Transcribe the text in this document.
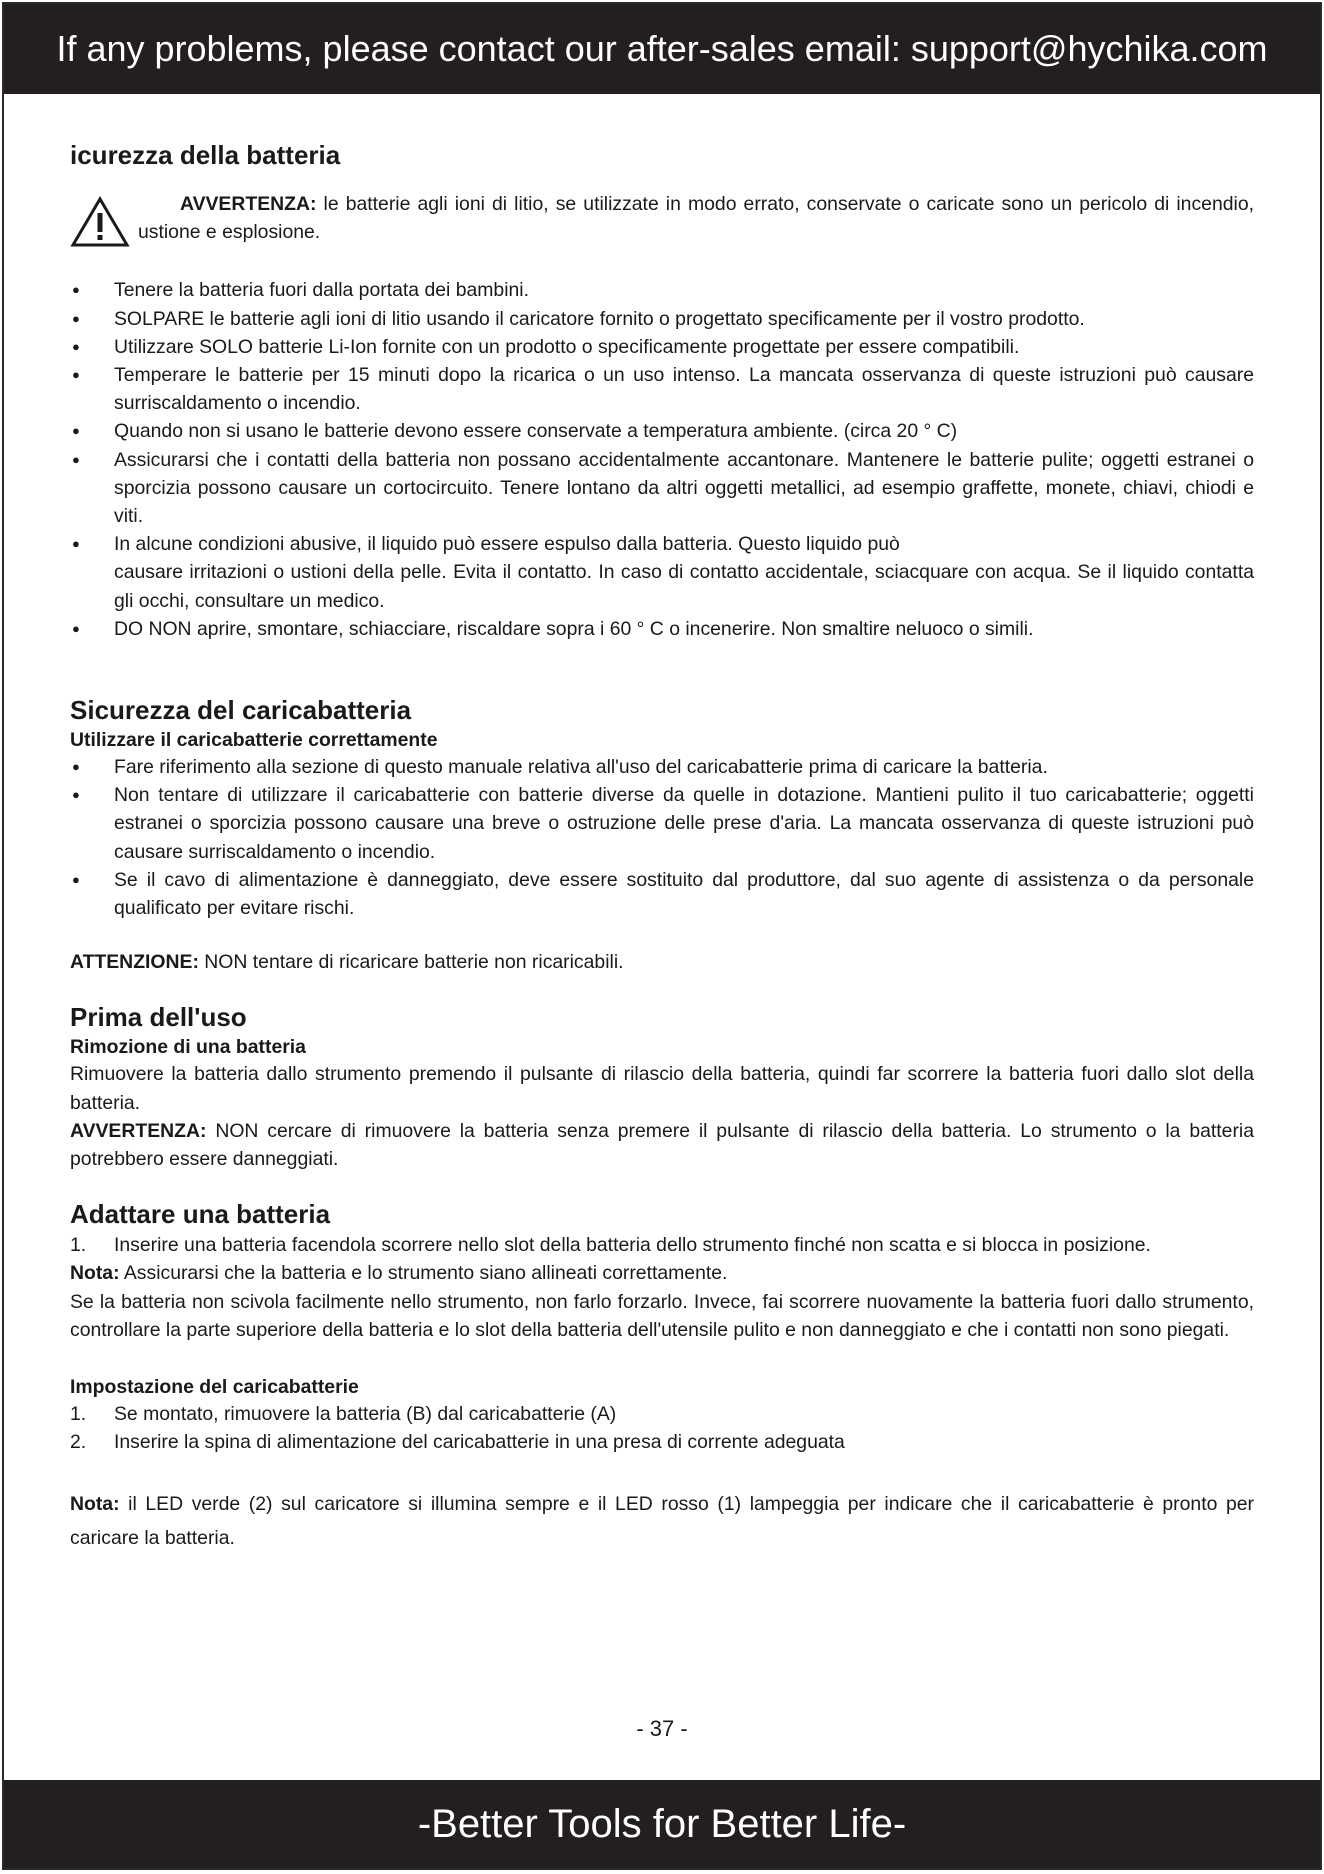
If any problems, please contact our after-sales email: support@hychika.com
icurezza della batteria

AVVERTENZA: le batterie agli ioni di litio, se utilizzate in modo errato, conservate o caricate sono un pericolo di incendio, ustione e esplosione.

● Tenere la batteria fuori dalla portata dei bambini.
● SOLPARE le batterie agli ioni di litio usando il caricatore fornito o progettato specificamente per il vostro prodotto.
● Utilizzare SOLO batterie Li-Ion fornite con un prodotto o specificamente progettate per essere compatibili.
● Temperare le batterie per 15 minuti dopo la ricarica o un uso intenso. La mancata osservanza di queste istruzioni può causare surriscaldamento o incendio.
● Quando non si usano le batterie devono essere conservate a temperatura ambiente. (circa 20 ° C)
● Assicurarsi che i contatti della batteria non possano accidentalmente accantonare. Mantenere le batterie pulite; oggetti estranei o sporcizia possono causare un cortocircuito. Tenere lontano da altri oggetti metallici, ad esempio graffette, monete, chiavi, chiodi e viti.
● In alcune condizioni abusive, il liquido può essere espulso dalla batteria. Questo liquido può
causare irritazioni o ustioni della pelle. Evita il contatto. In caso di contatto accidentale, sciacquare con acqua. Se il liquido contatta gli occhi, consultare un medico.
● DO NON aprire, smontare, schiacciare, riscaldare sopra i 60 ° C o incenerire. Non smaltire neluoco o simili.
Sicurezza del caricabatteria
Utilizzare il caricabatterie correttamente
● Fare riferimento alla sezione di questo manuale relativa all'uso del caricabatterie prima di caricare la batteria.
● Non tentare di utilizzare il caricabatterie con batterie diverse da quelle in dotazione. Mantieni pulito il tuo caricabatterie; oggetti estranei o sporcizia possono causare una breve o ostruzione delle prese d'aria. La mancata osservanza di queste istruzioni può causare surriscaldamento o incendio.
● Se il cavo di alimentazione è danneggiato, deve essere sostituito dal produttore, dal suo agente di assistenza o da personale qualificato per evitare rischi.

ATTENZIONE: NON tentare di ricaricare batterie non ricaricabili.

Prima dell'uso
Rimozione di una batteria

Rimuovere la batteria dallo strumento premendo il pulsante di rilascio della batteria, quindi far scorrere la batteria fuori dallo slot della batteria.

AVVERTENZA: NON cercare di rimuovere la batteria senza premere il pulsante di rilascio della batteria. Lo strumento o la batteria potrebbero essere danneggiati.

Adattare una batteria
1. Inserire una batteria facendola scorrere nello slot della batteria dello strumento finché non scatta e si blocca in posizione.

Nota: Assicurarsi che la batteria e lo strumento siano allineati correttamente.

Se la batteria non scivola facilmente nello strumento, non farlo forzarlo. Invece, fai scorrere nuovamente la batteria fuori dallo strumento, controllare la parte superiore della batteria e lo slot della batteria dell'utensile pulito e non danneggiato e che i contatti non sono piegati.

Impostazione del caricabatterie
1. Se montato, rimuovere la batteria (B) dal caricabatterie (A)
2. Inserire la spina di alimentazione del caricabatterie in una presa di corrente adeguata

Nota: il LED verde (2) sul caricatore si illumina sempre e il LED rosso (1) lampeggia per indicare che il caricabatterie è pronto per caricare la batteria.

- 37 -
-Better Tools for Better Life-
